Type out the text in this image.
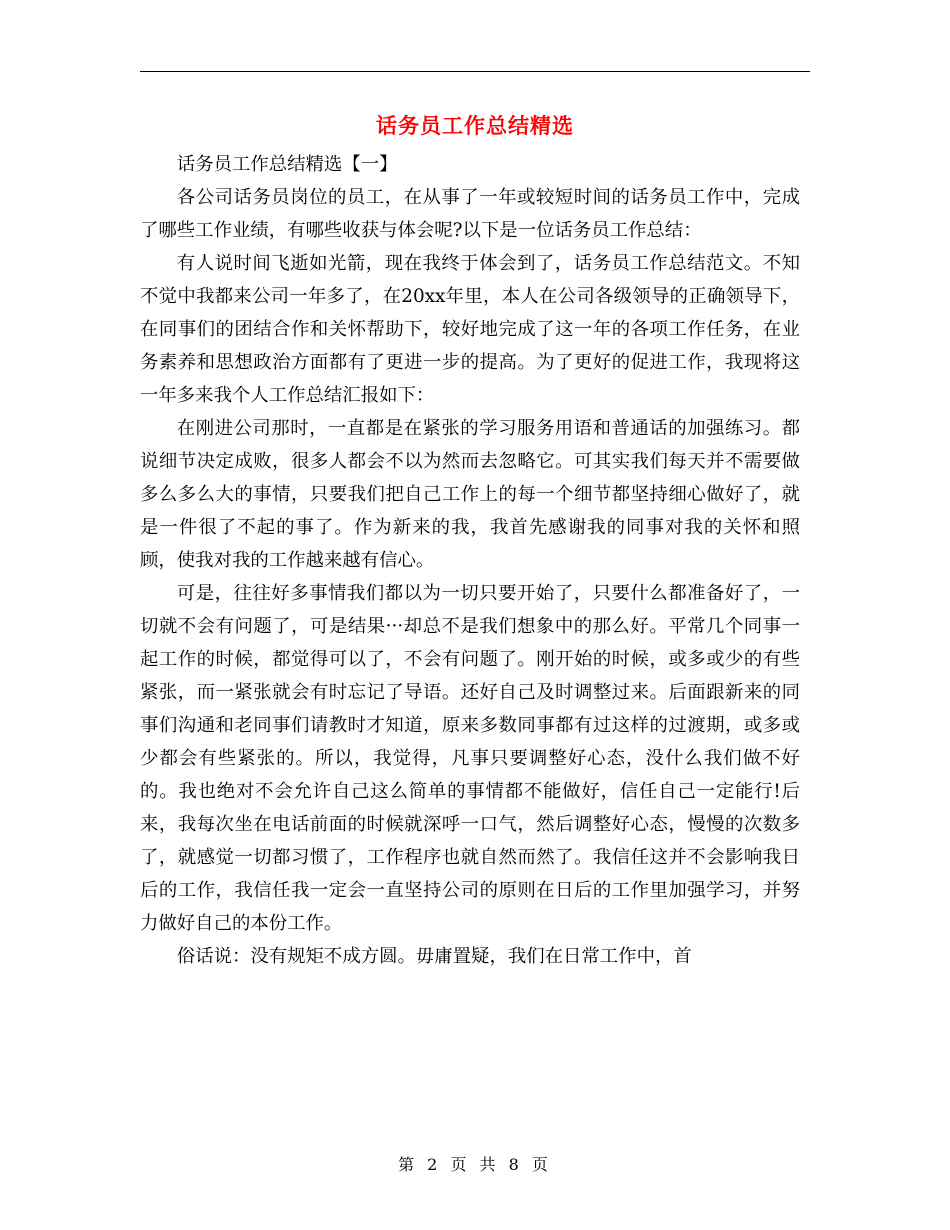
话务员工作总结精选

话务员工作总结精选【一】

各公司话务员岗位的员工，在从事了一年或较短时间的话务员工作中，完成了哪些工作业绩，有哪些收获与体会呢?以下是一位话务员工作总结：

有人说时间飞逝如光箭，现在我终于体会到了，话务员工作总结范文。不知不觉中我都来公司一年多了，在20xx年里，本人在公司各级领导的正确领导下，在同事们的团结合作和关怀帮助下，较好地完成了这一年的各项工作任务，在业务素养和思想政治方面都有了更进一步的提高。为了更好的促进工作，我现将这一年多来我个人工作总结汇报如下：

在刚进公司那时，一直都是在紧张的学习服务用语和普通话的加强练习。都说细节决定成败，很多人都会不以为然而去忽略它。可其实我们每天并不需要做多么多么大的事情，只要我们把自己工作上的每一个细节都坚持细心做好了，就是一件很了不起的事了。作为新来的我，我首先感谢我的同事对我的关怀和照顾，使我对我的工作越来越有信心。

可是，往往好多事情我们都以为一切只要开始了，只要什么都准备好了，一切就不会有问题了，可是结果···却总不是我们想象中的那么好。平常几个同事一起工作的时候，都觉得可以了，不会有问题了。刚开始的时候，或多或少的有些紧张，而一紧张就会有时忘记了导语。还好自己及时调整过来。后面跟新来的同事们沟通和老同事们请教时才知道，原来多数同事都有过这样的过渡期，或多或少都会有些紧张的。所以，我觉得，凡事只要调整好心态，没什么我们做不好的。我也绝对不会允许自己这么简单的事情都不能做好，信任自己一定能行!后来，我每次坐在电话前面的时候就深呼一口气，然后调整好心态，慢慢的次数多了，就感觉一切都习惯了，工作程序也就自然而然了。我信任这并不会影响我日后的工作，我信任我一定会一直坚持公司的原则在日后的工作里加强学习，并努力做好自己的本份工作。

俗话说：没有规矩不成方圆。毋庸置疑，我们在日常工作中，首

第 2 页 共 8 页
